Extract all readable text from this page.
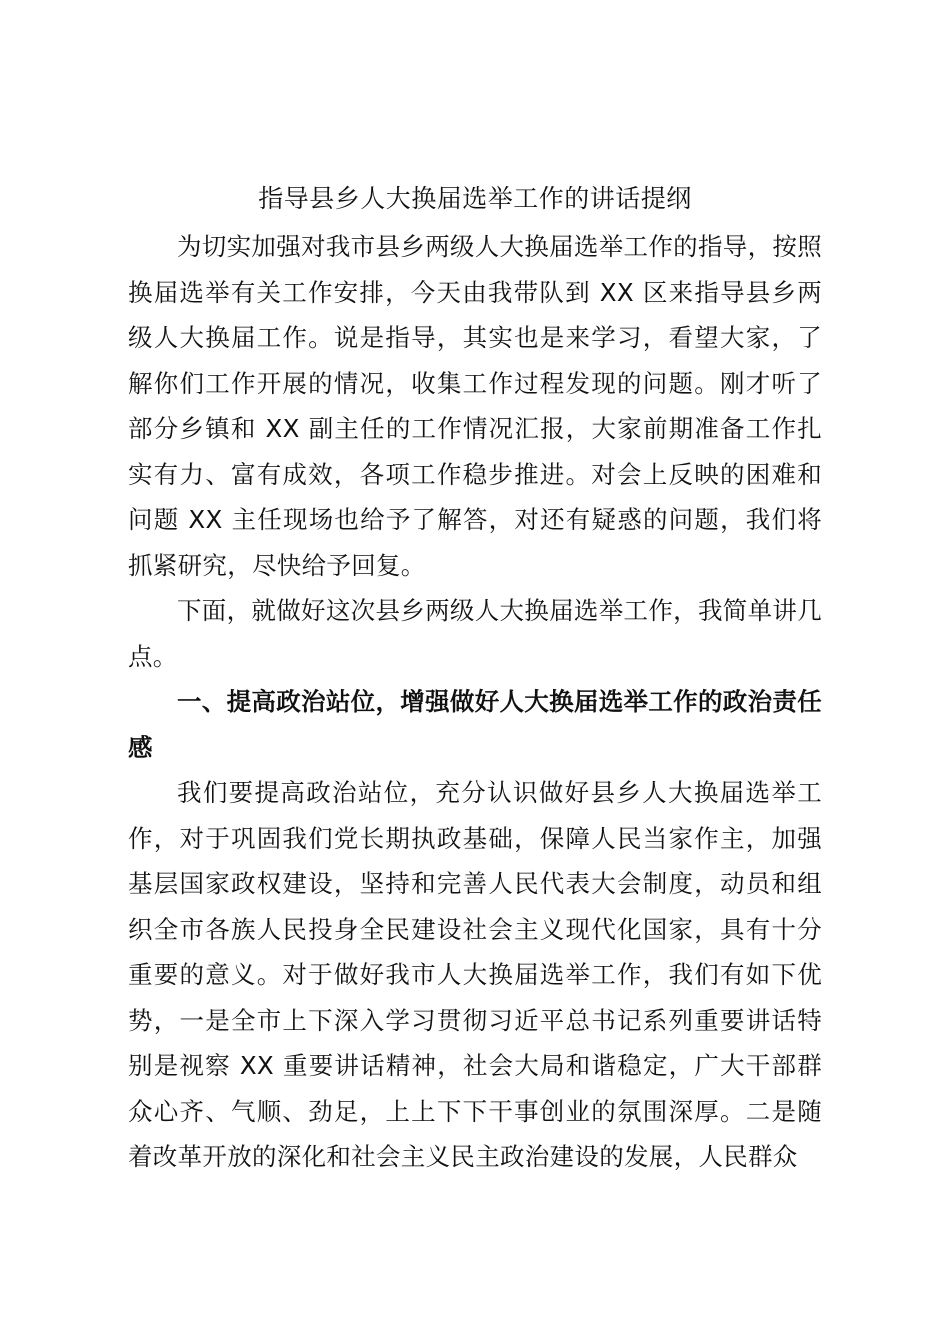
指导县乡人大换届选举工作的讲话提纲

为切实加强对我市县乡两级人大换届选举工作的指导，按照换届选举有关工作安排，今天由我带队到 XX 区来指导县乡两级人大换届工作。说是指导，其实也是来学习，看望大家，了解你们工作开展的情况，收集工作过程发现的问题。刚才听了部分乡镇和 XX 副主任的工作情况汇报，大家前期准备工作扎实有力、富有成效，各项工作稳步推进。对会上反映的困难和问题 XX 主任现场也给予了解答，对还有疑惑的问题，我们将抓紧研究，尽快给予回复。

下面，就做好这次县乡两级人大换届选举工作，我简单讲几点。

一、提高政治站位，增强做好人大换届选举工作的政治责任感

我们要提高政治站位，充分认识做好县乡人大换届选举工作，对于巩固我们党长期执政基础，保障人民当家作主，加强基层国家政权建设，坚持和完善人民代表大会制度，动员和组织全市各族人民投身全民建设社会主义现代化国家，具有十分重要的意义。对于做好我市人大换届选举工作，我们有如下优势，一是全市上下深入学习贯彻习近平总书记系列重要讲话特别是视察 XX 重要讲话精神，社会大局和谐稳定，广大干部群众心齐、气顺、劲足，上上下下干事创业的氛围深厚。二是随着改革开放的深化和社会主义民主政治建设的发展，人民群众
